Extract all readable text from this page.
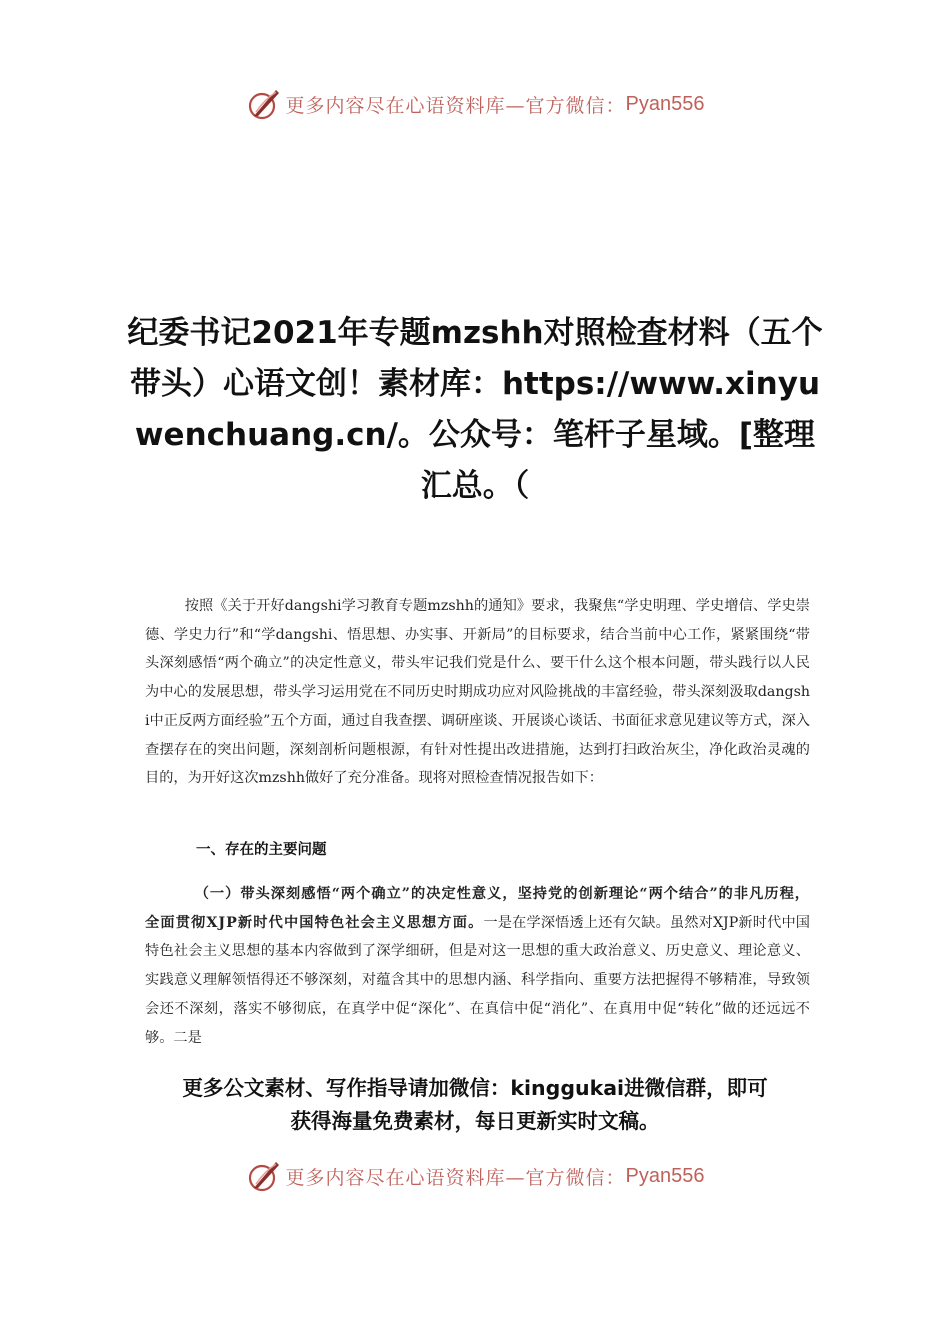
更多内容尽在心语资料库—官方微信： Pyan556
纪委书记2021年专题mzshh对照检查材料（五个带头）心语文创！素材库：https://www.xinyuwenchuang.cn/。公众号：笔杆子星域。[整理汇总。（
按照《关于开好dangshi学习教育专题mzshh的通知》要求，我聚焦“学史明理、学史增信、学史崇德、学史力行”和“学dangshi、悟思想、办实事、开新局”的目标要求，结合当前中心工作，紧紧围绕“带头深刻感悟“两个确立”的决定性意义，带头牢记我们党是什么、要干什么这个根本问题，带头践行以人民为中心的发展思想，带头学习运用党在不同历史时期成功应对风险挑战的丰富经验，带头深刻汲取dangshi中正反两方面经验”五个方面，通过自我查摆、调研座谈、开展谈心谈话、书面征求意见建议等方式，深入查摆存在的突出问题，深刻剖析问题根源，有针对性提出改进措施，达到打扫政治灰尘，净化政治灵魂的目的，为开好这次mzshh做好了充分准备。现将对照检查情况报告如下：
一、存在的主要问题
（一）带头深刻感悟“两个确立”的决定性意义，坚持党的创新理论“两个结合”的非凡历程，全面贯彻XJP新时代中国特色社会主义思想方面。一是在学深悟透上还有欠缺。虽然对XJP新时代中国特色社会主义思想的基本内容做到了深学细研，但是对这一思想的重大政治意义、历史意义、理论意义、实践意义理解领悟得还不够深刻，对蕴含其中的思想内涵、科学指向、重要方法把握得不够精准，导致领会还不深刻，落实不够彻底，在真学中促“深化”、在真信中促“消化”、在真用中促“转化”做的还远远不够。二是
更多公文素材、写作指导请加微信：kinggukai进微信群，即可
获得海量免费素材，每日更新实时文稿。
更多内容尽在心语资料库—官方微信： Pyan556
